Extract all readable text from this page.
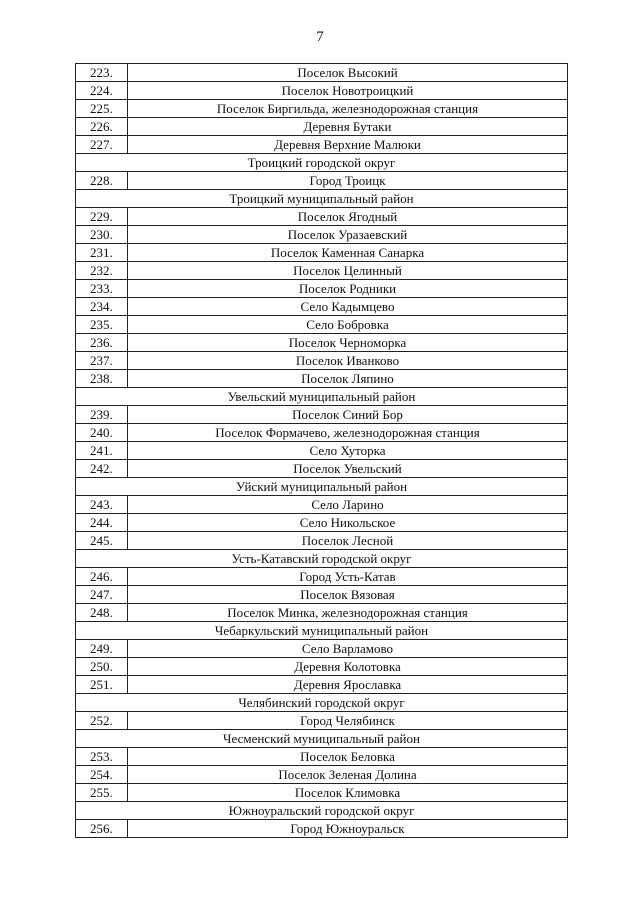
7
223.	Поселок Высокий
224.	Поселок Новотроицкий
225.	Поселок Биргильда, железнодорожная станция
226.	Деревня Бутаки
227.	Деревня Верхние Малюки
Троицкий городской округ	
228.	Город Троицк
Троицкий муниципальный район	
229.	Поселок Ягодный
230.	Поселок Уразаевский
231.	Поселок Каменная Санарка
232.	Поселок Целинный
233.	Поселок Родники
234.	Село Кадымцево
235.	Село Бобровка
236.	Поселок Черноморка
237.	Поселок Иванково
238.	Поселок Ляпино
Увельский муниципальный район	
239.	Поселок Синий Бор
240.	Поселок Формачево, железнодорожная станция
241.	Село Хуторка
242.	Поселок Увельский
Уйский муниципальный район	
243.	Село Ларино
244.	Село Никольское
245.	Поселок Лесной
Усть-Катавский городской округ	
246.	Город Усть-Катав
247.	Поселок Вязовая
248.	Поселок Минка, железнодорожная станция
Чебаркульский муниципальный район	
249.	Село Варламово
250.	Деревня Колотовка
251.	Деревня Ярославка
Челябинский городской округ	
252.	Город Челябинск
Чесменский муниципальный район	
253.	Поселок Беловка
254.	Поселок Зеленая Долина
255.	Поселок Климовка
Южноуральский городской округ	
256.	Город Южноуральск
